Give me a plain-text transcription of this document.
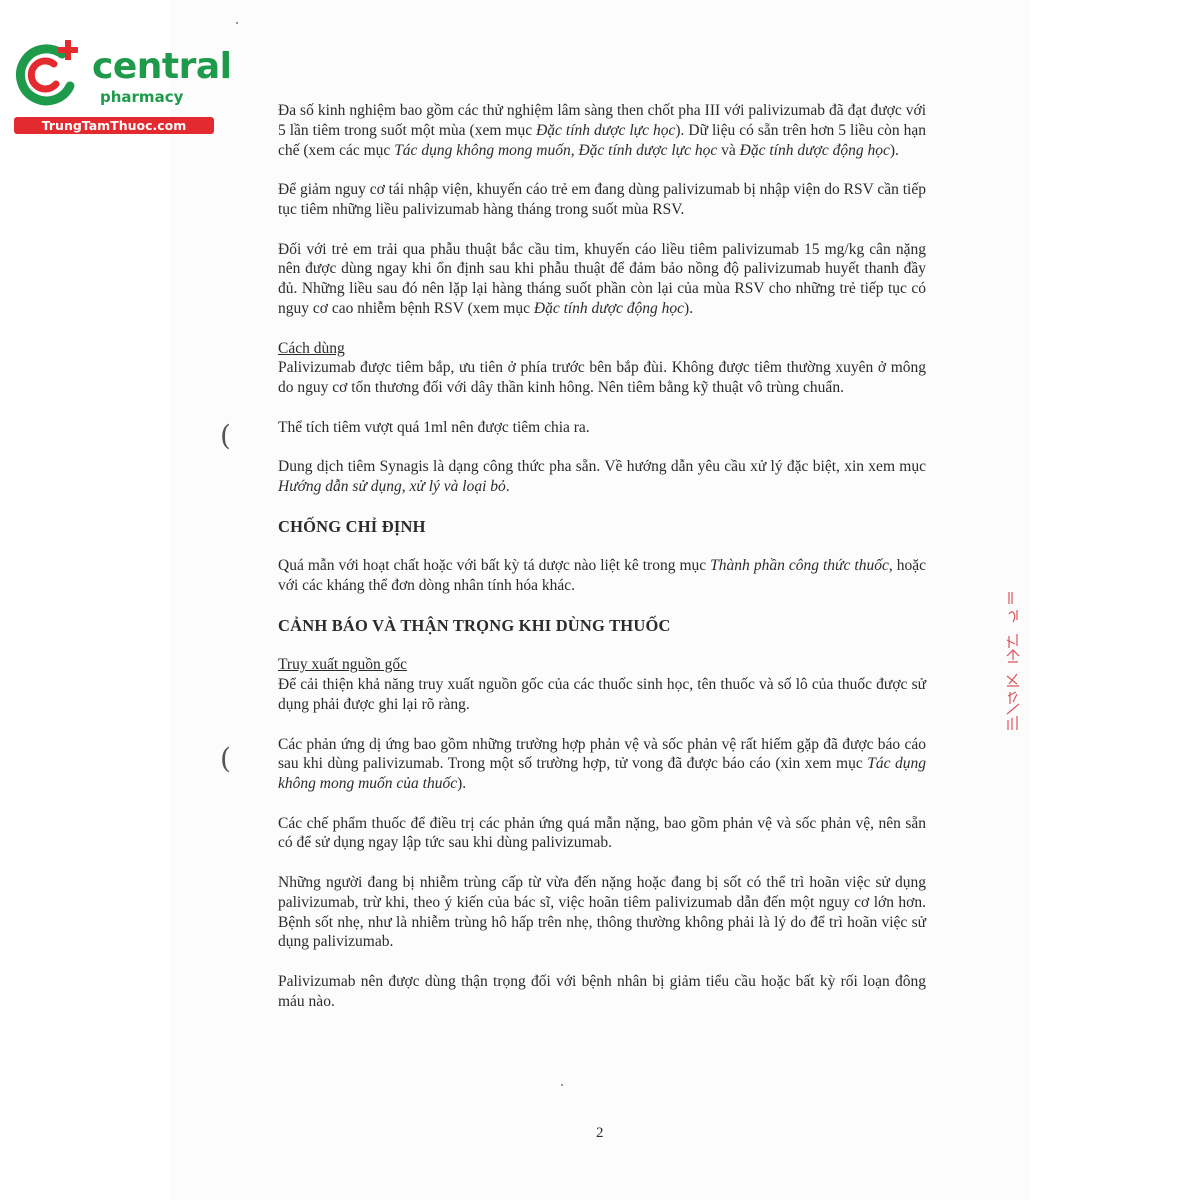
central
pharmacy
TrungTamThuoc.com
(
(

Đa số kinh nghiệm bao gồm các thử nghiệm lâm sàng then chốt pha III với palivizumab đã đạt được với 5 lần tiêm trong suốt một mùa (xem mục Đặc tính dược lực học). Dữ liệu có sẵn trên hơn 5 liều còn hạn chế (xem các mục Tác dụng không mong muốn, Đặc tính dược lực học và Đặc tính dược động học).

Để giảm nguy cơ tái nhập viện, khuyến cáo trẻ em đang dùng palivizumab bị nhập viện do RSV cần tiếp tục tiêm những liều palivizumab hàng tháng trong suốt mùa RSV.

Đối với trẻ em trải qua phẫu thuật bắc cầu tim, khuyến cáo liều tiêm palivizumab 15 mg/kg cân nặng nên được dùng ngay khi ổn định sau khi phẫu thuật để đảm bảo nồng độ palivizumab huyết thanh đầy đủ. Những liều sau đó nên lặp lại hàng tháng suốt phần còn lại của mùa RSV cho những trẻ tiếp tục có nguy cơ cao nhiễm bệnh RSV (xem mục Đặc tính dược động học).

Cách dùng

Palivizumab được tiêm bắp, ưu tiên ở phía trước bên bắp đùi. Không được tiêm thường xuyên ở mông do nguy cơ tổn thương đối với dây thần kinh hông. Nên tiêm bằng kỹ thuật vô trùng chuẩn.

Thể tích tiêm vượt quá 1ml nên được tiêm chia ra.

Dung dịch tiêm Synagis là dạng công thức pha sẵn. Về hướng dẫn yêu cầu xử lý đặc biệt, xin xem mục Hướng dẫn sử dụng, xử lý và loại bỏ.

CHỐNG CHỈ ĐỊNH

Quá mẫn với hoạt chất hoặc với bất kỳ tá dược nào liệt kê trong mục Thành phần công thức thuốc, hoặc với các kháng thể đơn dòng nhân tính hóa khác.

CẢNH BÁO VÀ THẬN TRỌNG KHI DÙNG THUỐC

Truy xuất nguồn gốc

Để cải thiện khả năng truy xuất nguồn gốc của các thuốc sinh học, tên thuốc và số lô của thuốc được sử dụng phải được ghi lại rõ ràng.

Các phản ứng dị ứng bao gồm những trường hợp phản vệ và sốc phản vệ rất hiếm gặp đã được báo cáo sau khi dùng palivizumab. Trong một số trường hợp, tử vong đã được báo cáo (xin xem mục Tác dụng không mong muốn của thuốc).

Các chế phẩm thuốc để điều trị các phản ứng quá mẫn nặng, bao gồm phản vệ và sốc phản vệ, nên sẵn có để sử dụng ngay lập tức sau khi dùng palivizumab.

Những người đang bị nhiễm trùng cấp từ vừa đến nặng hoặc đang bị sốt có thể trì hoãn việc sử dụng palivizumab, trừ khi, theo ý kiến của bác sĩ, việc hoãn tiêm palivizumab dẫn đến một nguy cơ lớn hơn. Bệnh sốt nhẹ, như là nhiễm trùng hô hấp trên nhẹ, thông thường không phải là lý do để trì hoãn việc sử dụng palivizumab.

Palivizumab nên được dùng thận trọng đối với bệnh nhân bị giảm tiểu cầu hoặc bất kỳ rối loạn đông máu nào.

2
